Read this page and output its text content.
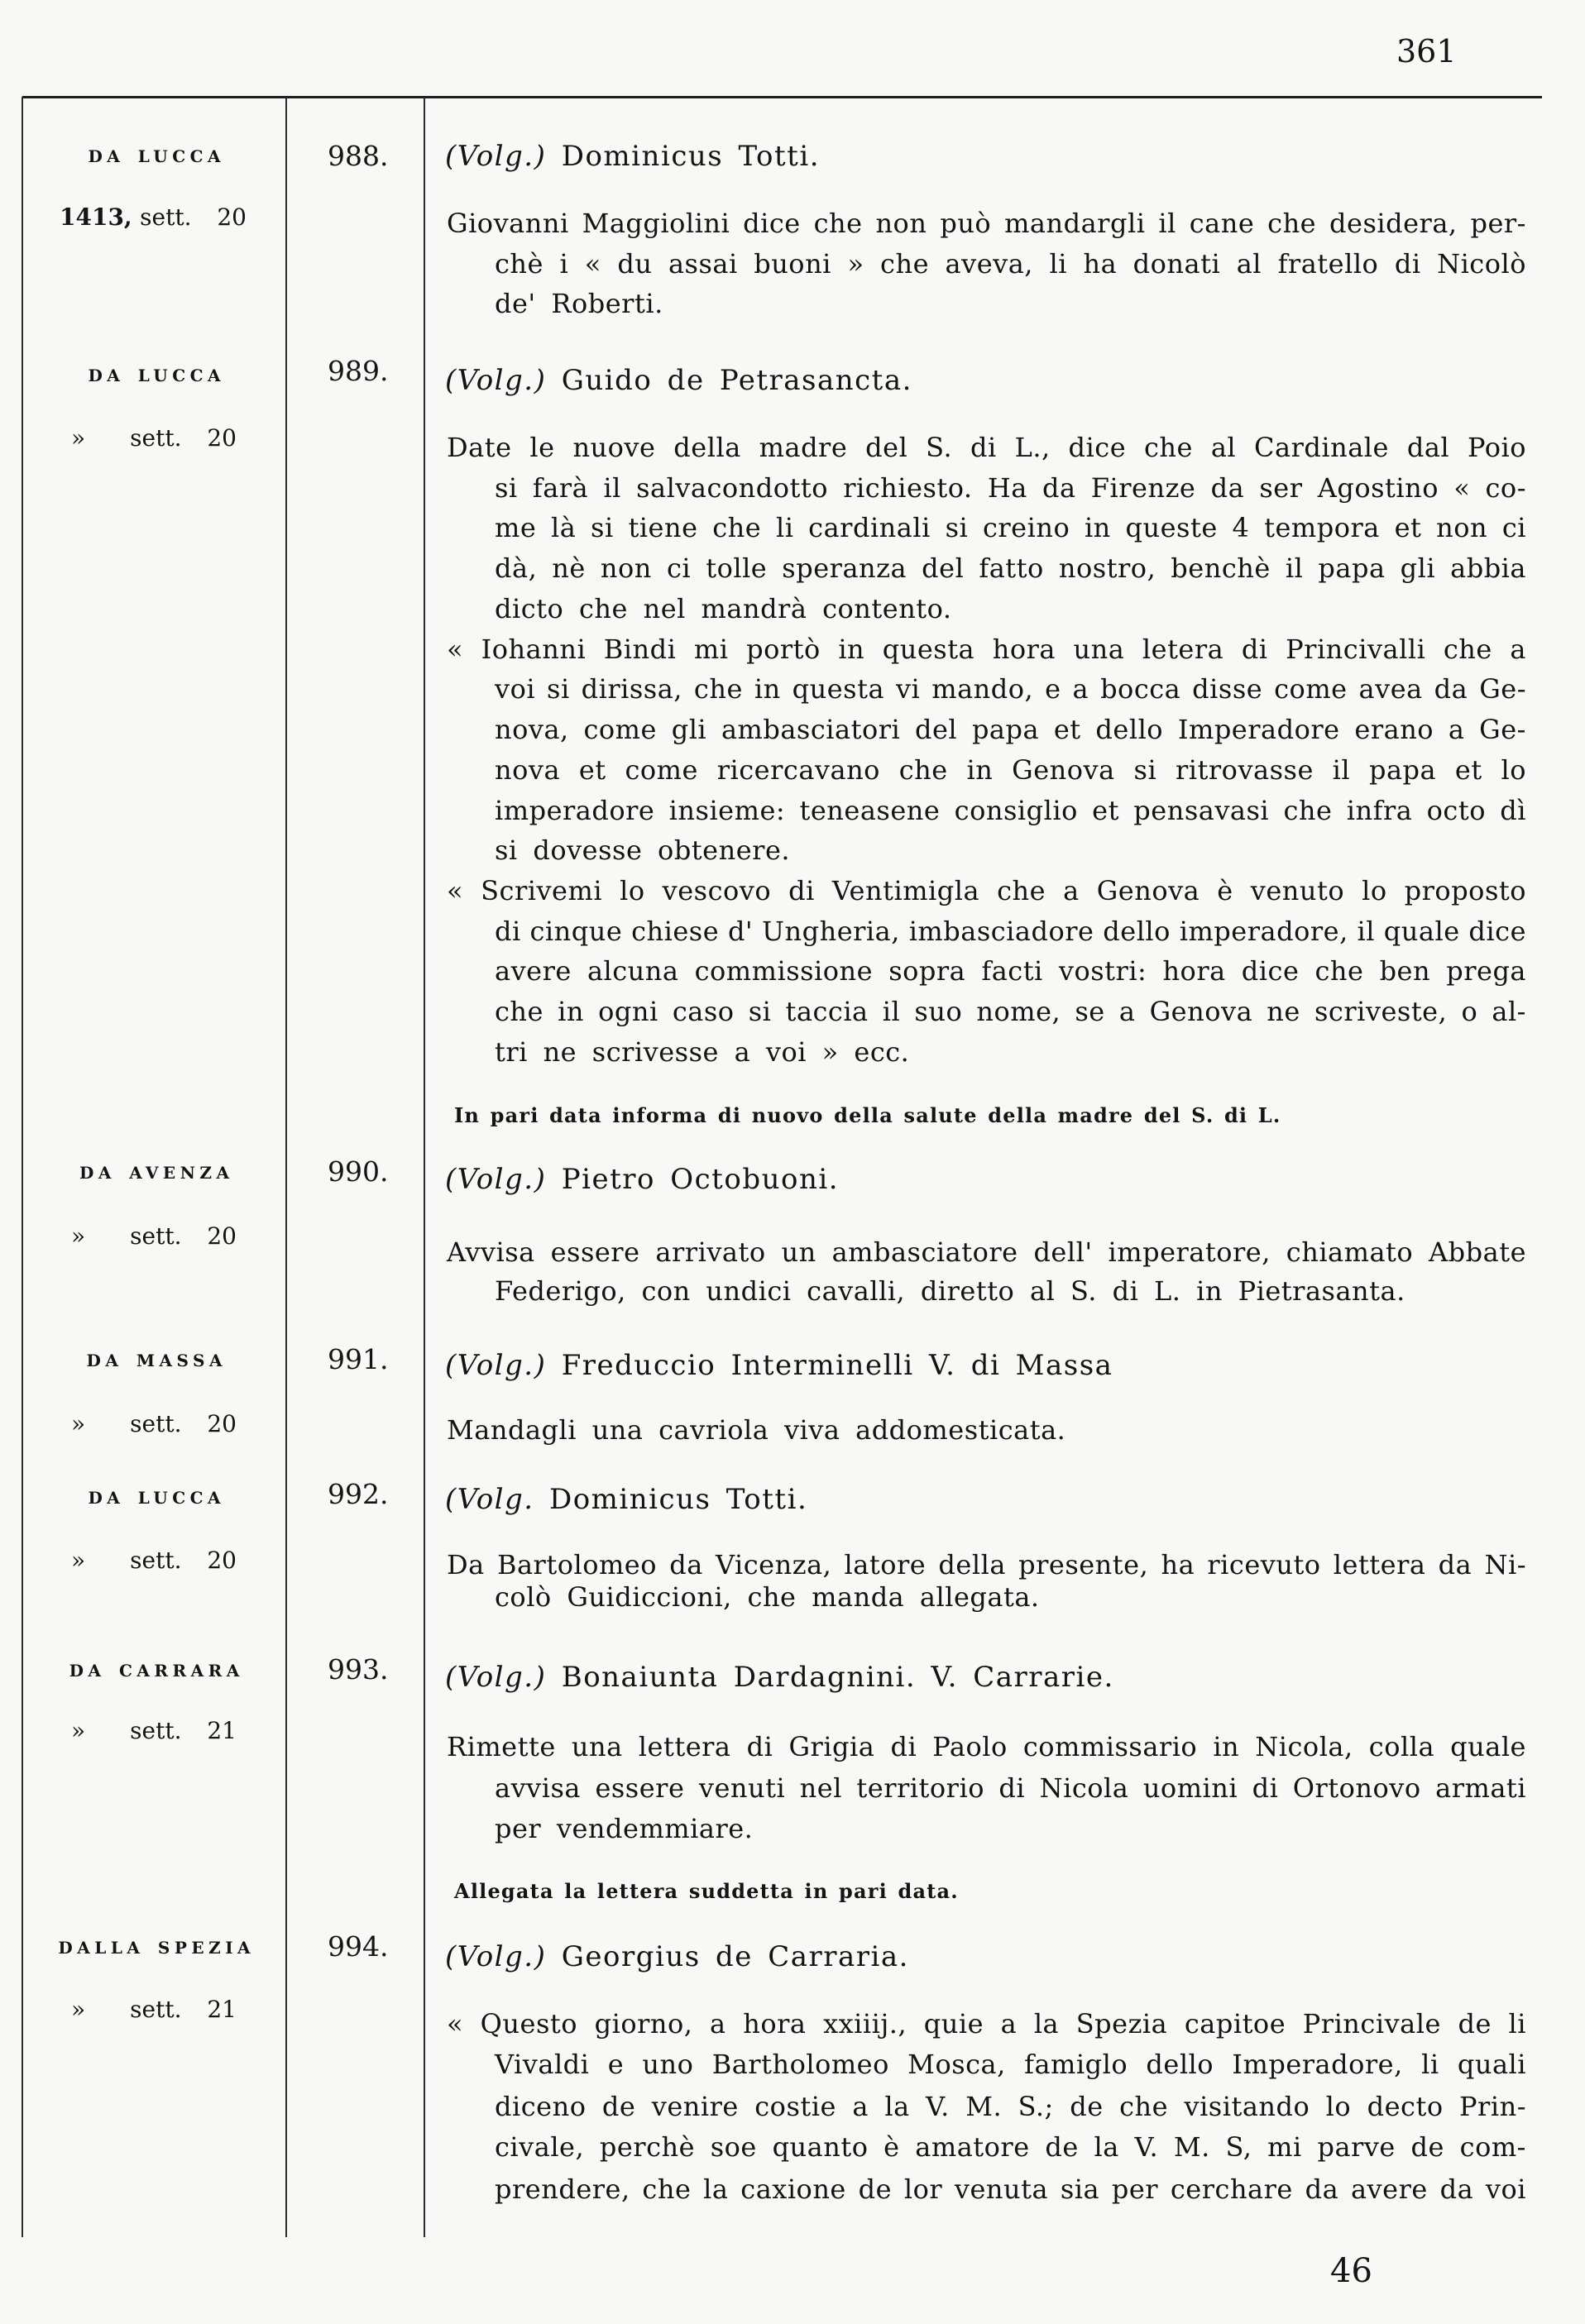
361
DA LUCCA
1413, sett. 20
988. (Volg.) Dominicus Totti.
Giovanni Maggiolini dice che non può mandargli il cane che desidera, per-
chè i « du assai buoni » che aveva, li ha donati al fratello di Nicolò
de' Roberti.
DA LUCCA
» sett. 20
989. (Volg.) Guido de Petrasancta.
Date le nuove della madre del S. di L., dice che al Cardinale dal Poio
si farà il salvacondotto richiesto. Ha da Firenze da ser Agostino « co-
me là si tiene che li cardinali si creino in queste 4 tempora et non ci
dà, nè non ci tolle speranza del fatto nostro, benchè il papa gli abbia
dicto che nel mandrà contento.
« Iohanni Bindi mi portò in questa hora una letera di Princivalli che a
voi si dirissa, che in questa vi mando, e a bocca disse come avea da Ge-
nova, come gli ambasciatori del papa et dello Imperadore erano a Ge-
nova et come ricercavano che in Genova si ritrovasse il papa et lo
imperadore insieme: teneasene consiglio et pensavasi che infra octo dì
si dovesse obtenere.
« Scrivemi lo vescovo di Ventimigla che a Genova è venuto lo proposto
di cinque chiese d' Ungheria, imbasciadore dello imperadore, il quale dice
avere alcuna commissione sopra facti vostri: hora dice che ben prega
che in ogni caso si taccia il suo nome, se a Genova ne scriveste, o al-
tri ne scrivesse a voi » ecc.
In pari data informa di nuovo della salute della madre del S. di L.
DA AVENZA
» sett. 20
990. (Volg.) Pietro Octobuoni.
Avvisa essere arrivato un ambasciatore dell' imperatore, chiamato Abbate
Federigo, con undici cavalli, diretto al S. di L. in Pietrasanta.
DA MASSA
» sett. 20
991. (Volg.) Freduccio Interminelli V. di Massa
Mandagli una cavriola viva addomesticata.
DA LUCCA
» sett. 20
992. (Volg. Dominicus Totti.
Da Bartolomeo da Vicenza, latore della presente, ha ricevuto lettera da Ni-
colò Guidiccioni, che manda allegata.
DA CARRARA
» sett. 21
993. (Volg.) Bonaiunta Dardagnini. V. Carrarie.
Rimette una lettera di Grigia di Paolo commissario in Nicola, colla quale
avvisa essere venuti nel territorio di Nicola uomini di Ortonovo armati
per vendemmiare.
Allegata la lettera suddetta in pari data.
DALLA SPEZIA
» sett. 21
994. (Volg.) Georgius de Carraria.
« Questo giorno, a hora xxiiij., quie a la Spezia capitoe Princivale de li
Vivaldi e uno Bartholomeo Mosca, famiglo dello Imperadore, li quali
diceno de venire costie a la V. M. S.; de che visitando lo decto Prin-
civale, perchè soe quanto è amatore de la V. M. S, mi parve de com-
prendere, che la caxione de lor venuta sia per cerchare da avere da voi
46
